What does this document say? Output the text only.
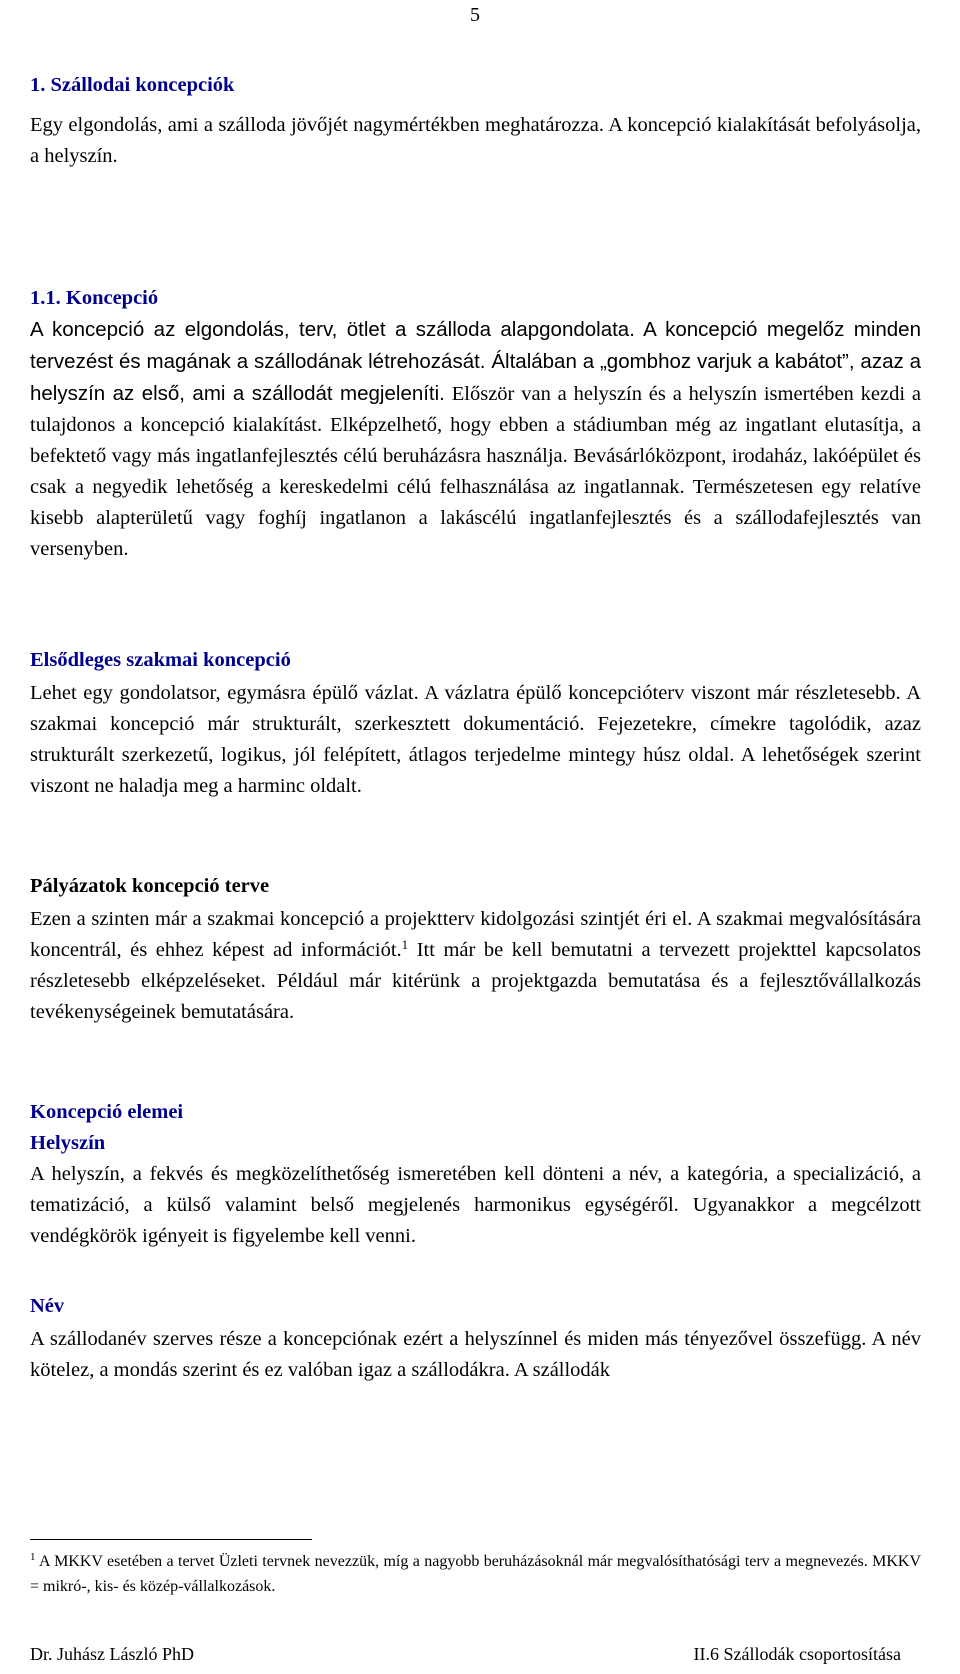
5
1. Szállodai koncepciók

Egy elgondolás, ami a szálloda jövőjét nagymértékben meghatározza. A koncepció kialakítását befolyásolja, a helyszín.

1.1. Koncepció

A koncepció az elgondolás, terv, ötlet a szálloda alapgondolata. A koncepció megelőz minden tervezést és magának a szállodának létrehozását. Általában a „gombhoz varjuk a kabátot”, azaz a helyszín az első, ami a szállodát megjeleníti. Először van a helyszín és a helyszín ismertében kezdi a tulajdonos a koncepció kialakítást. Elképzelhető, hogy ebben a stádiumban még az ingatlant elutasítja, a befektető vagy más ingatlanfejlesztés célú beruházásra használja. Bevásárlóközpont, irodaház, lakóépület és csak a negyedik lehetőség a kereskedelmi célú felhasználása az ingatlannak. Természetesen egy relatíve kisebb alapterületű vagy foghíj ingatlanon a lakáscélú ingatlanfejlesztés és a szállodafejlesztés van versenyben.

Elsődleges szakmai koncepció

Lehet egy gondolatsor, egymásra épülő vázlat. A vázlatra épülő koncepcióterv viszont már részletesebb. A szakmai koncepció már strukturált, szerkesztett dokumentáció. Fejezetekre, címekre tagolódik, azaz strukturált szerkezetű, logikus, jól felépített, átlagos terjedelme mintegy húsz oldal. A lehetőségek szerint viszont ne haladja meg a harminc oldalt.

Pályázatok koncepció terve

Ezen a szinten már a szakmai koncepció a projektterv kidolgozási szintjét éri el. A szakmai megvalósítására koncentrál, és ehhez képest ad információt.$^1$ Itt már be kell bemutatni a tervezett projekttel kapcsolatos részletesebb elképzeléseket. Például már kitérünk a projektgazda bemutatása és a fejlesztővállalkozás tevékenységeinek bemutatására.

Koncepció elemei
Helyszín

A helyszín, a fekvés és megközelíthetőség ismeretében kell dönteni a név, a kategória, a specializáció, a tematizáció, a külső valamint belső megjelenés harmonikus egységéről. Ugyanakkor a megcélzott vendégkörök igényeit is figyelembe kell venni.

Név

A szállodanév szerves része a koncepciónak ezért a helyszínnel és miden más tényezővel összefügg. A név kötelez, a mondás szerint és ez valóban igaz a szállodákra. A szállodák

$^1$ A MKKV esetében a tervet Üzleti tervnek nevezzük, míg a nagyobb beruházásoknál már megvalósíthatósági terv a megnevezés. MKKV = mikró-, kis- és közép-vállalkozások.

Dr. Juhász László PhD	II.6 Szállodák csoportosítása
